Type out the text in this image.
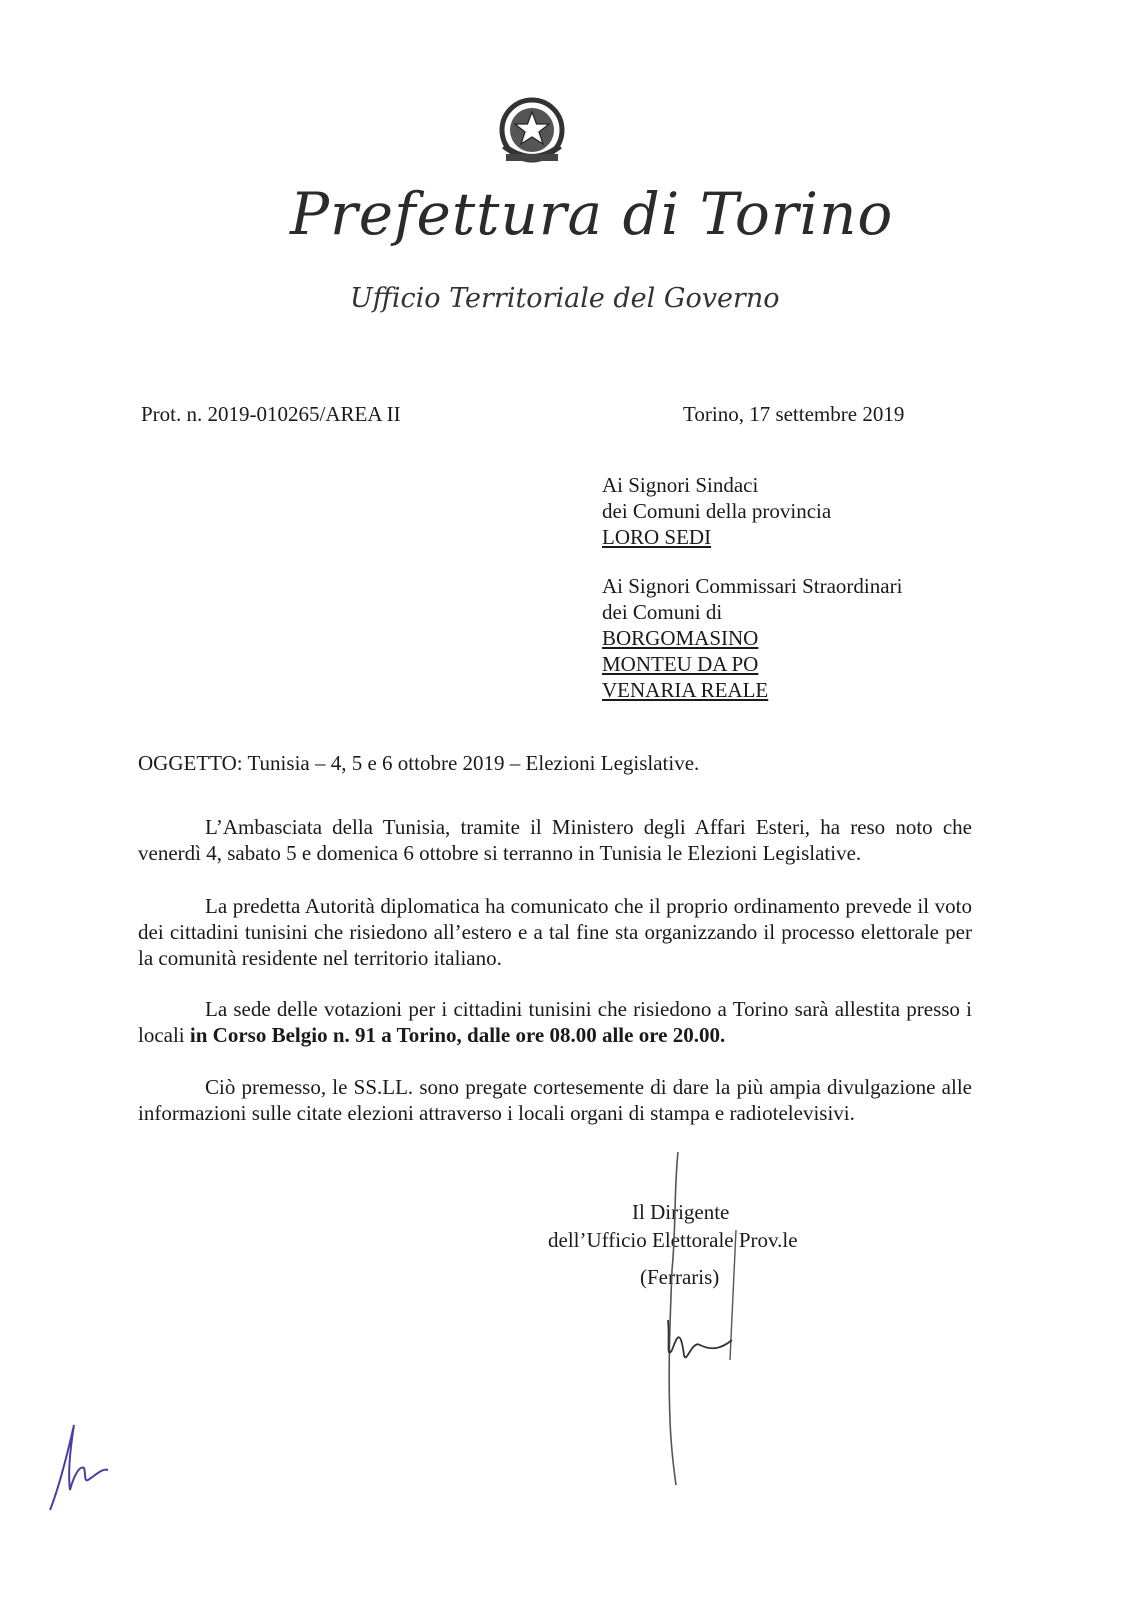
Prefettura di Torino
Ufficio Territoriale del Governo
Prot. n. 2019-010265/AREA II	Torino, 17 settembre 2019
Ai Signori Sindaci
dei Comuni della provincia
LORO SEDI
Ai Signori Commissari Straordinari
dei Comuni di
BORGOMASINO
MONTEU DA PO
VENARIA REALE
OGGETTO: Tunisia – 4, 5 e 6 ottobre 2019 – Elezioni Legislative.
L’Ambasciata della Tunisia, tramite il Ministero degli Affari Esteri, ha reso noto che venerdì 4, sabato 5 e domenica 6 ottobre si terranno in Tunisia le Elezioni Legislative.
La predetta Autorità diplomatica ha comunicato che il proprio ordinamento prevede il voto dei cittadini tunisini che risiedono all’estero e a tal fine sta organizzando il processo elettorale per la comunità residente nel territorio italiano.
La sede delle votazioni per i cittadini tunisini che risiedono a Torino sarà allestita presso i locali in Corso Belgio n. 91 a Torino, dalle ore 08.00 alle ore 20.00.
Ciò premesso, le SS.LL. sono pregate cortesemente di dare la più ampia divulgazione alle informazioni sulle citate elezioni attraverso i locali organi di stampa e radiotelevisivi.
Il Dirigente
dell’Ufficio Elettorale Prov.le
(Ferraris)
